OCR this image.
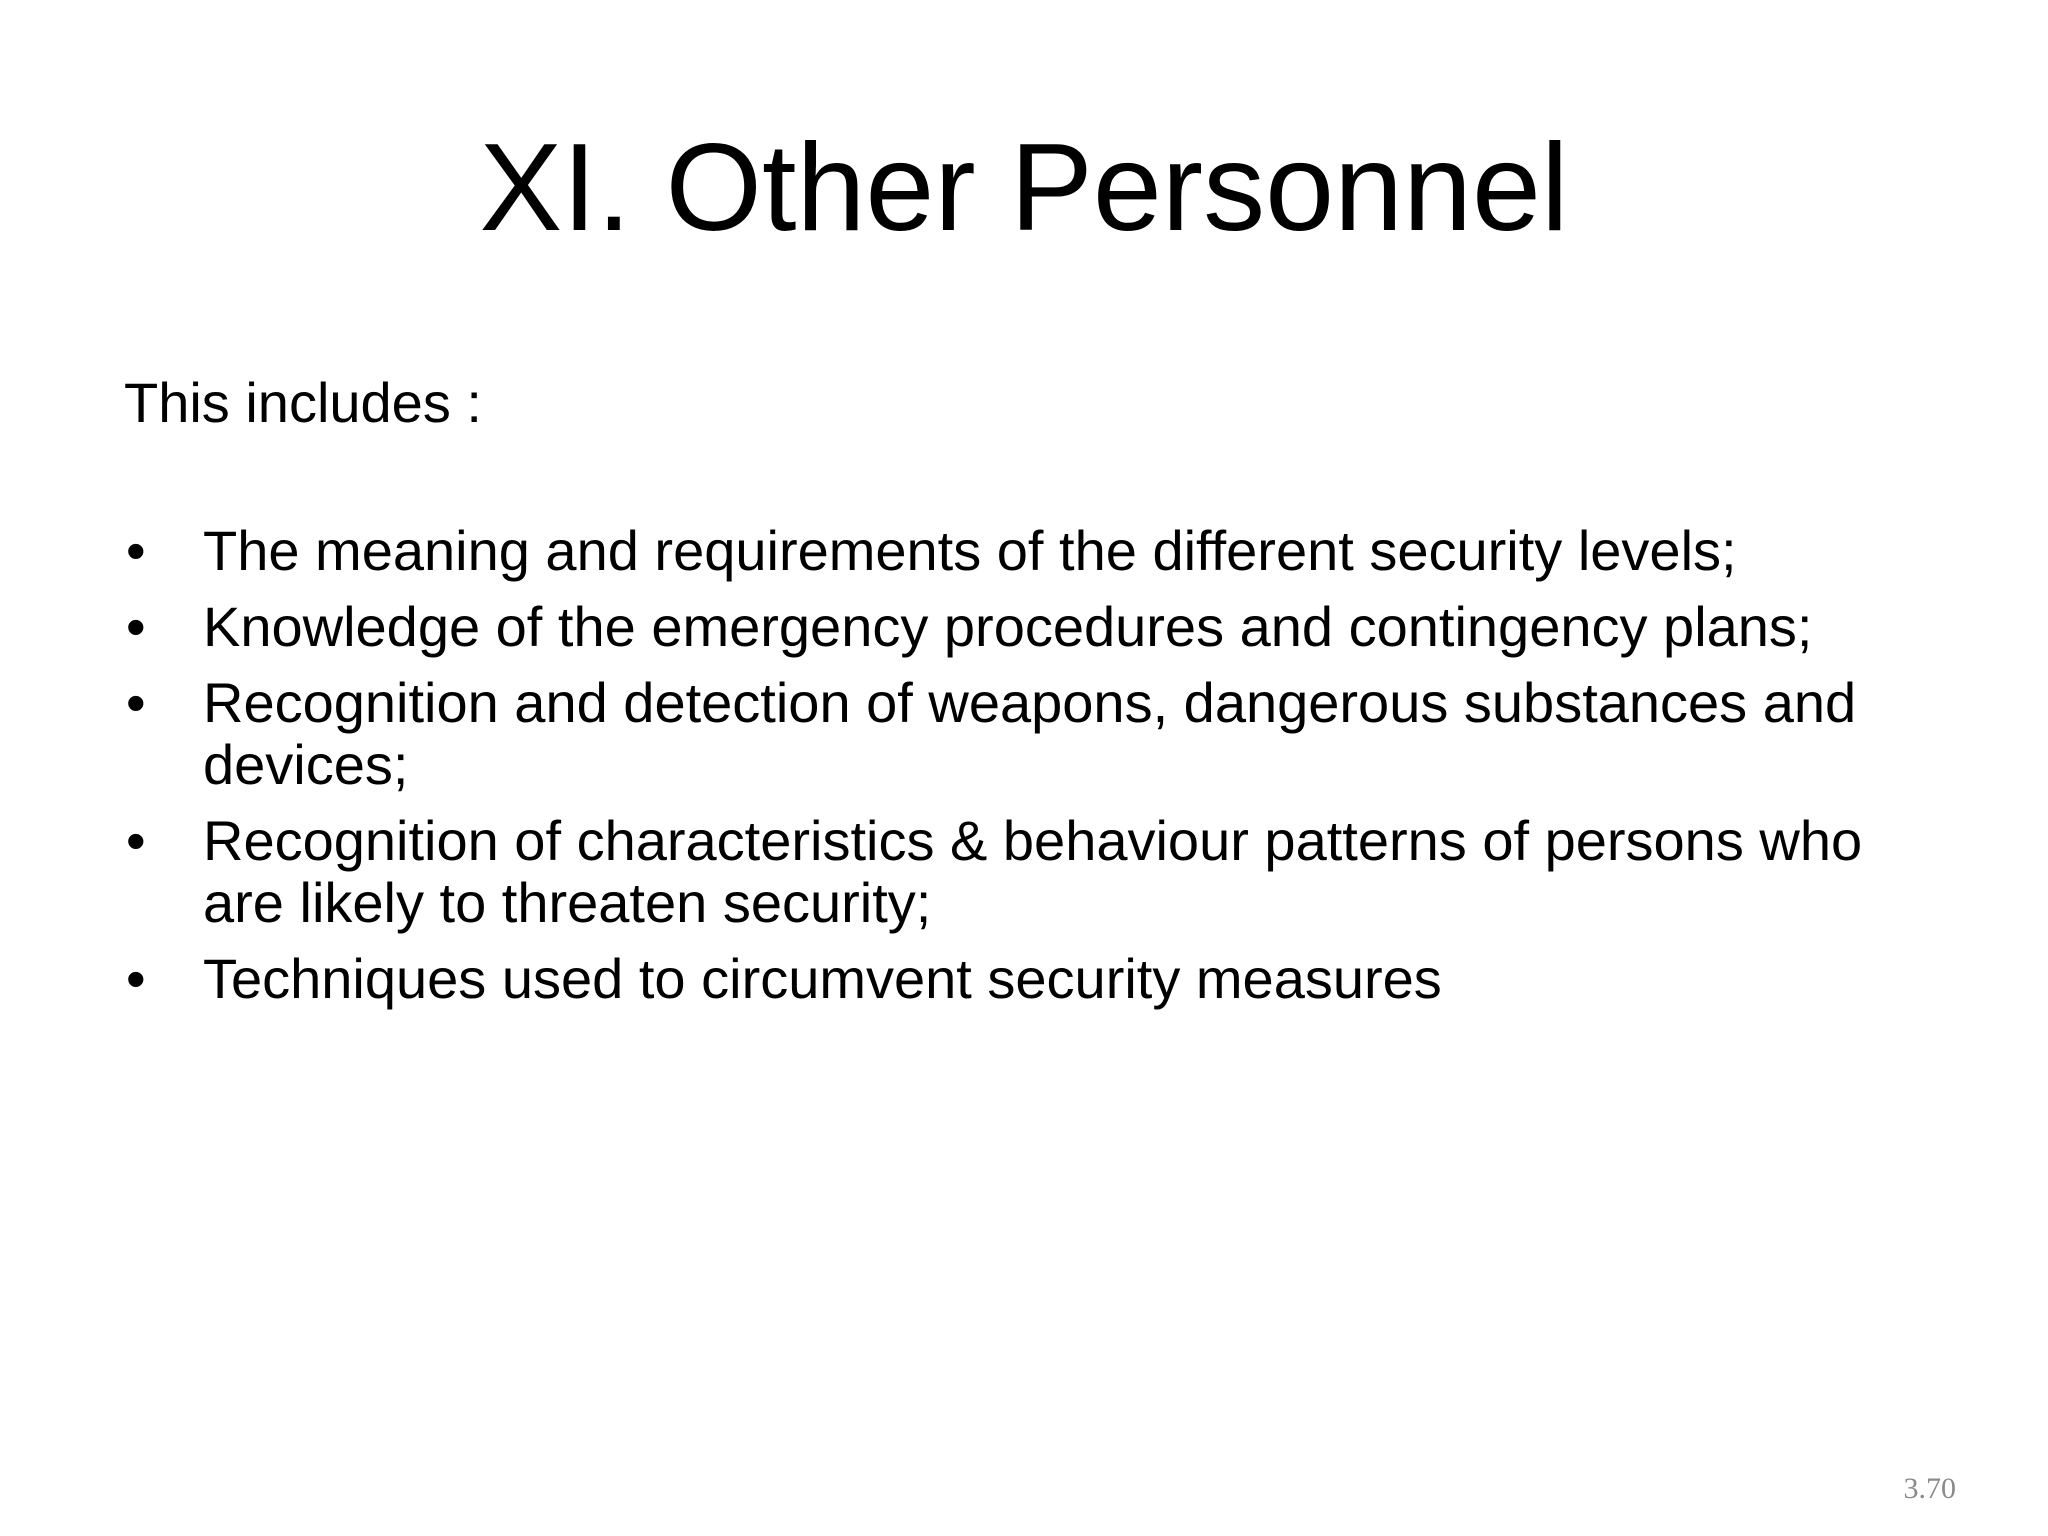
XI. Other Personnel
This includes :
•	The meaning and requirements of the different security levels;
•	Knowledge of the emergency procedures and contingency plans;
•	Recognition and detection of weapons, dangerous substances and devices;
•	Recognition of characteristics & behaviour patterns of persons who are likely to threaten security;
•	Techniques used to circumvent security measures
3.70
